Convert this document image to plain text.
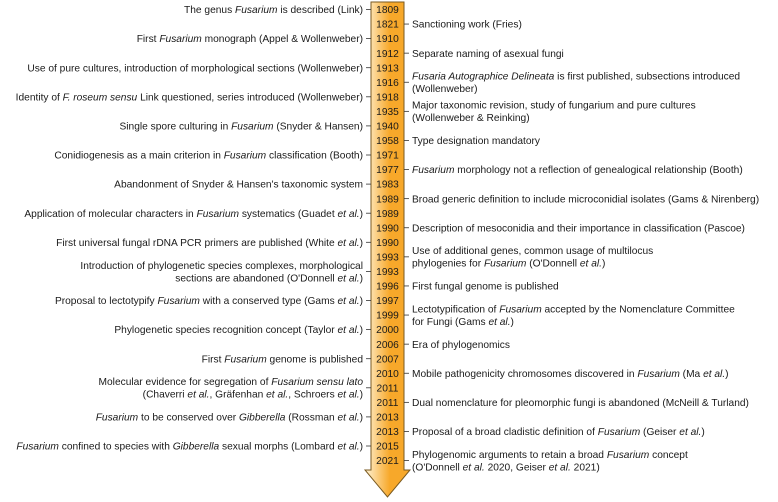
1809
The genus Fusarium is described (Link)
1821 Sanctioning work (Fries)
1910
First Fusarium monograph (Appel & Wollenweber)
1912 Separate naming of asexual fungi
1913
Use of pure cultures, introduction of morphological sections (Wollenweber)
1916
Fusaria Autographice Delineata is first published, subsections introduced
(Wollenweber)
1918
Identity of F. roseum sensu Link questioned, series introduced (Wollenweber)
1935
Major taxonomic revision, study of fungarium and pure cultures
(Wollenweber & Reinking)
1940
Single spore culturing in Fusarium (Snyder & Hansen)
1958 Type designation mandatory
1971
Conidiogenesis as a main criterion in Fusarium classification (Booth)
1977 Fusarium morphology not a reflection of genealogical relationship (Booth)
1983
Abandonment of Snyder & Hansen's taxonomic system
1989 Broad generic definition to include microconidial isolates (Gams & Nirenberg)
1989
Application of molecular characters in Fusarium systematics (Guadet et al.)
1990 Description of mesoconidia and their importance in classification (Pascoe)
1990
First universal fungal rDNA PCR primers are published (White et al.)
1993
Use of additional genes, common usage of multilocus
phylogenies for Fusarium (O'Donnell et al.)
1993
Introduction of phylogenetic species complexes, morphological
sections are abandoned (O'Donnell et al.)
1996 First fungal genome is published
1997
Proposal to lectotypify Fusarium with a conserved type (Gams et al.)
1999
Lectotypification of Fusarium accepted by the Nomenclature Committee
for Fungi (Gams et al.)
2000
Phylogenetic species recognition concept (Taylor et al.)
2006 Era of phylogenomics
2007
First Fusarium genome is published
2010 Mobile pathogenicity chromosomes discovered in Fusarium (Ma et al.)
2011
Molecular evidence for segregation of Fusarium sensu lato
(Chaverri et al., Gräfenhan et al., Schroers et al.)
2011 Dual nomenclature for pleomorphic fungi is abandoned (McNeill & Turland)
2013
Fusarium to be conserved over Gibberella (Rossman et al.)
2013 Proposal of a broad cladistic definition of Fusarium (Geiser et al.)
2015
Fusarium confined to species with Gibberella sexual morphs (Lombard et al.)
2021
Phylogenomic arguments to retain a broad Fusarium concept
(O'Donnell et al. 2020, Geiser et al. 2021)
